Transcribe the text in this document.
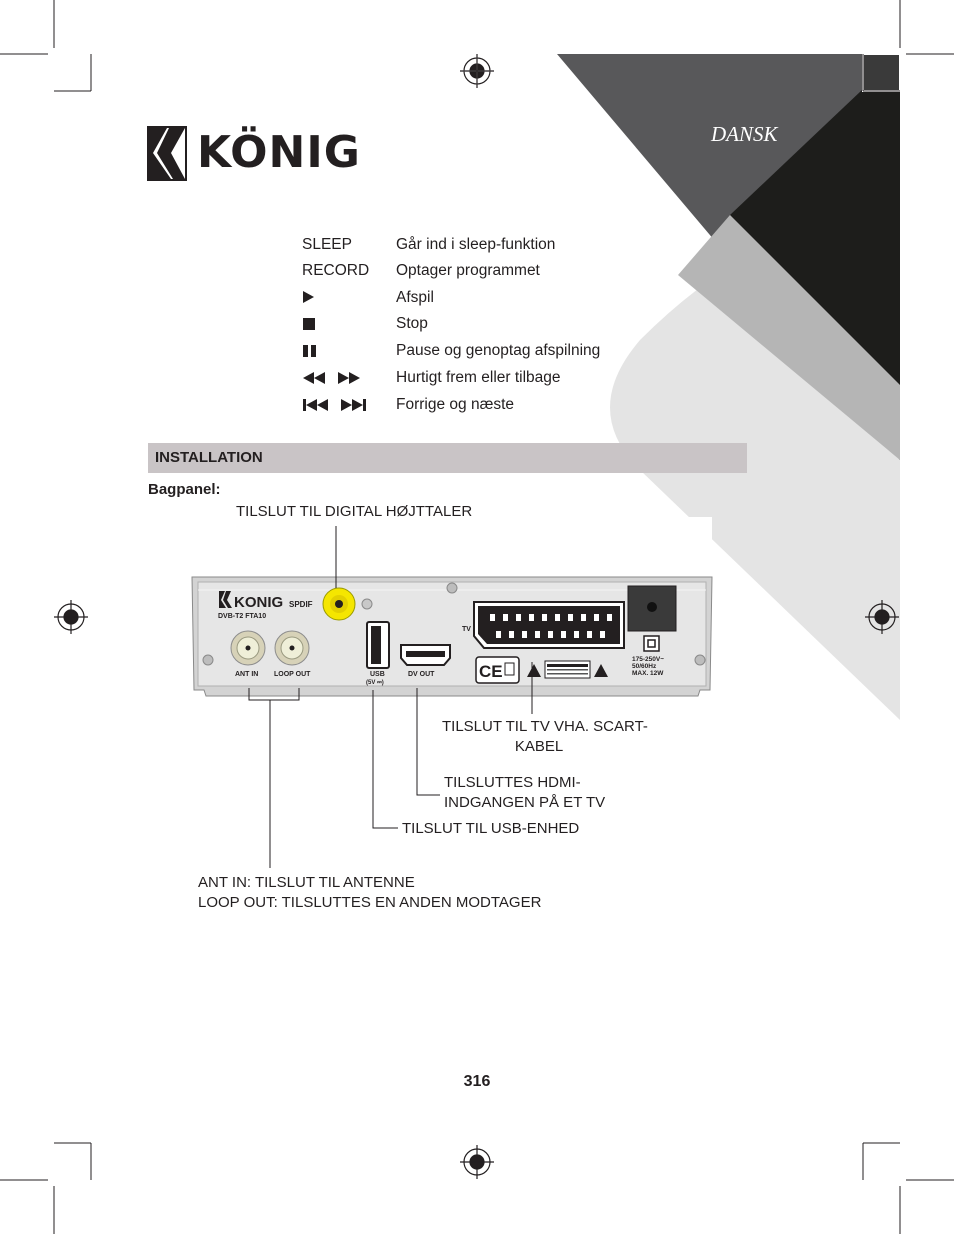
DANSK
KÖNIG
SLEEP	Går ind i sleep-funktion
RECORD Optager programmet
Afspil
Stop
Pause og genoptag afspilning
Hurtigt frem eller tilbage
Forrige og næste
INSTALLATION
Bagpanel:
KONIG
DVB-T2 FTA10
SPDIF
ANT IN LOOP OUT	USB
(5V ⎓)
DV OUT
TV
CE
175-250V~
50/60Hz
MAX. 12W
TILSLUT TIL DIGITAL HØJTTALER
TILSLUT TIL TV VHA. SCART-
KABEL
TILSLUTTES HDMI-
INDGANGEN PÅ ET TV
TILSLUT TIL USB-ENHED
ANT IN: TILSLUT TIL ANTENNE
LOOP OUT: TILSLUTTES EN ANDEN MODTAGER
316
